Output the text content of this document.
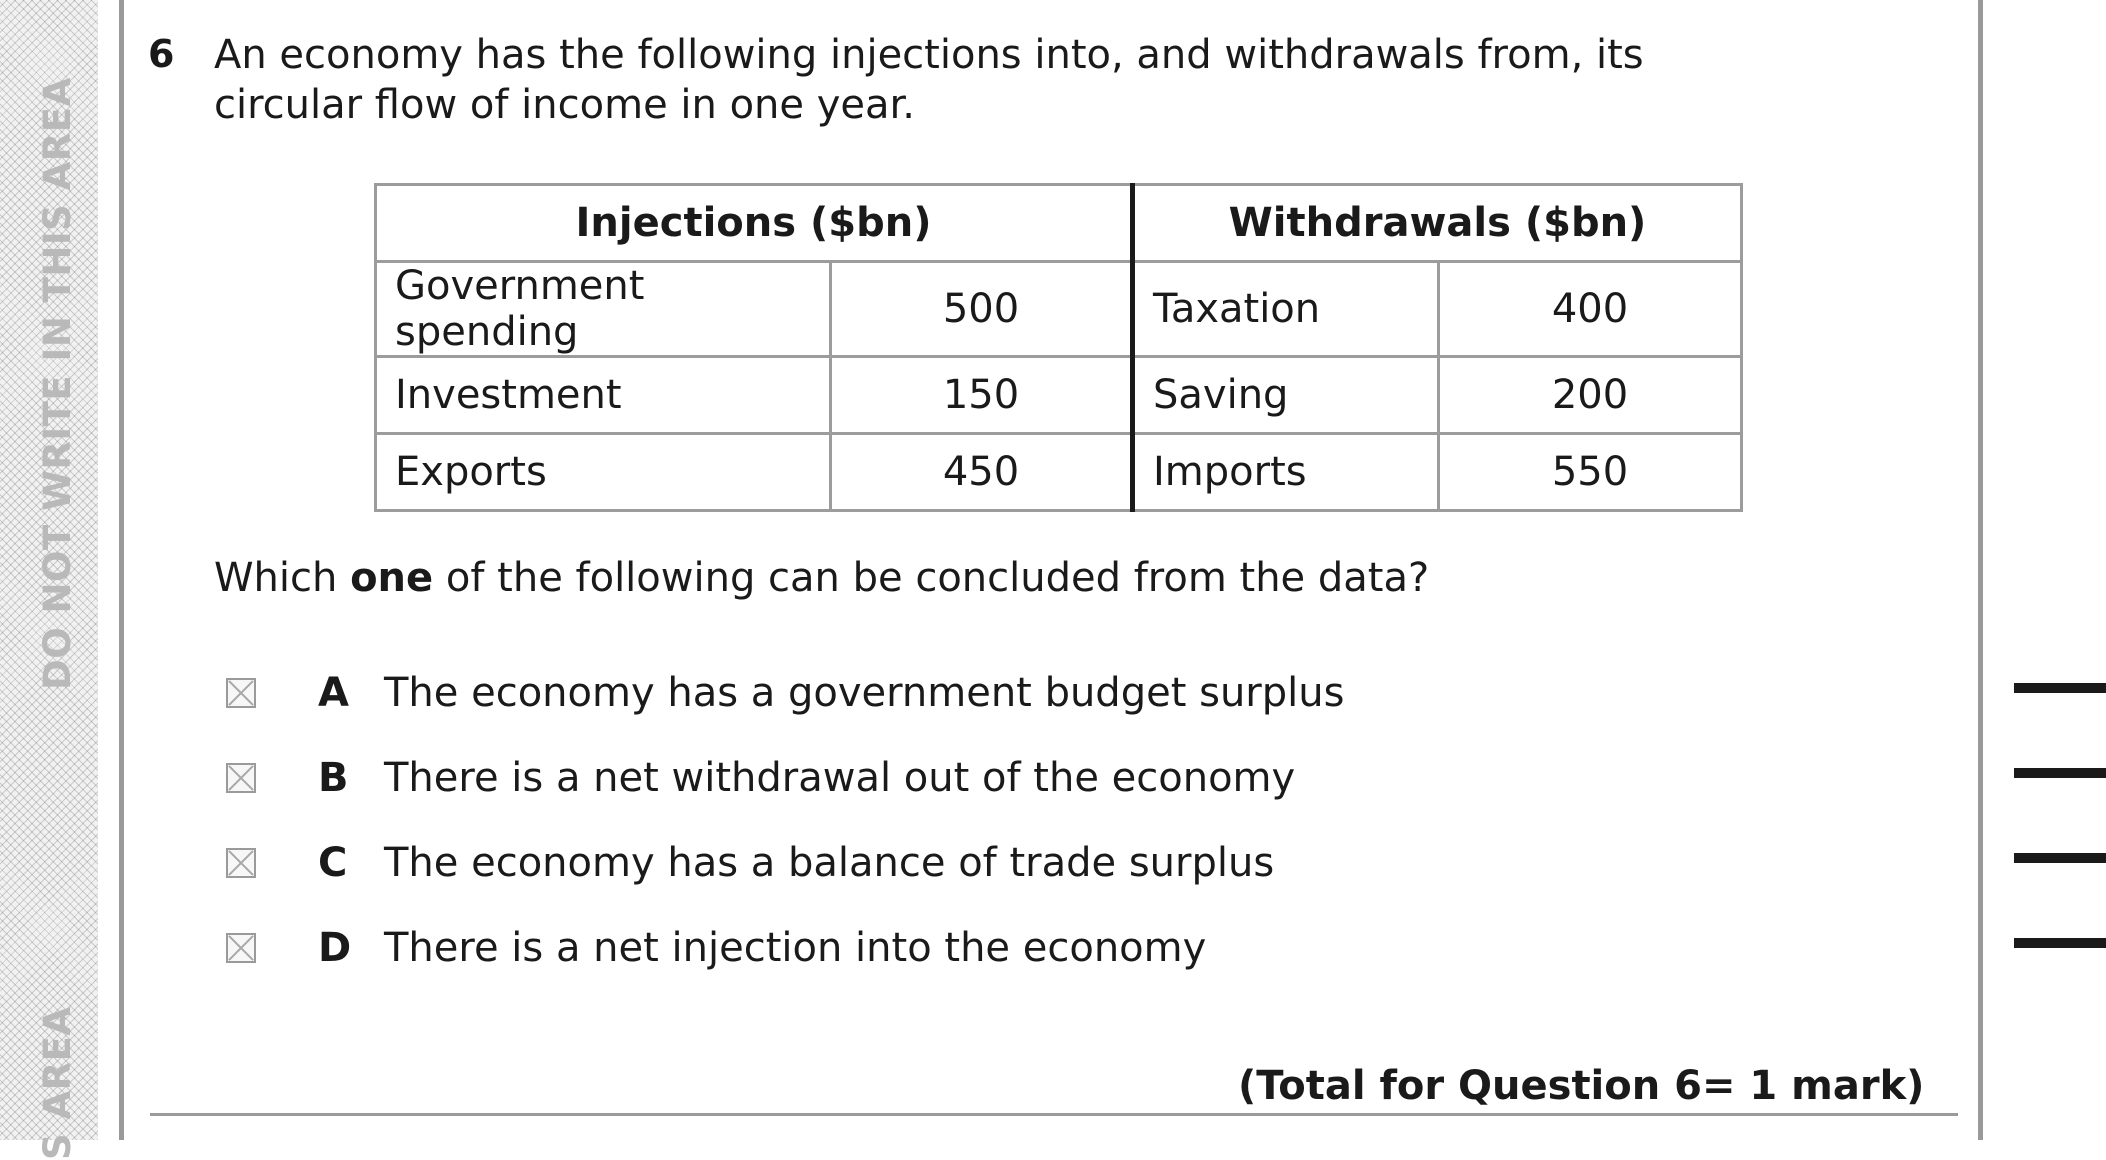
DO NOT WRITE IN THIS AREA
S AREA
6 An economy has the following injections into, and withdrawals from, its circular flow of income in one year.
Injections ($bn)		Withdrawals ($bn)	
Government spending	500	Taxation	400
Investment	150	Saving	200
Exports	450	Imports	550
Which one of the following can be concluded from the data?
A The economy has a government budget surplus
B There is a net withdrawal out of the economy
C The economy has a balance of trade surplus
D There is a net injection into the economy
(Total for Question 6= 1 mark)
